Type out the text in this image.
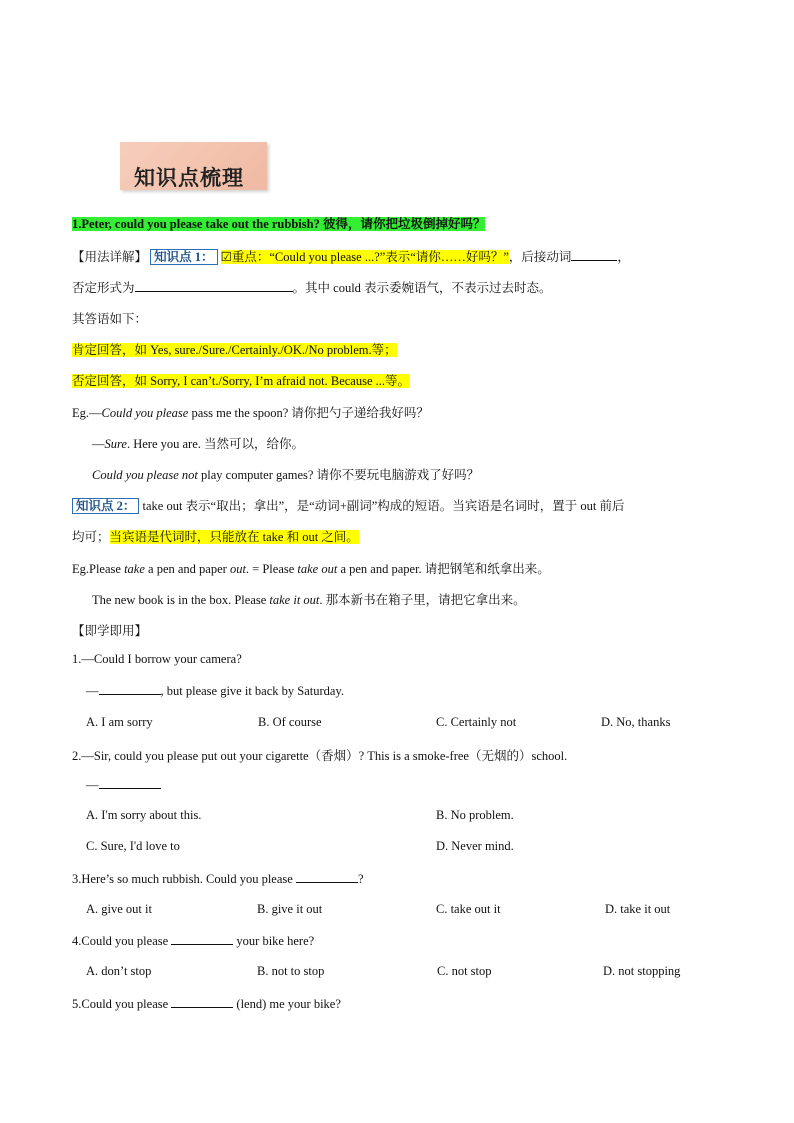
知识点梳理
1.Peter, could you please take out the rubbish? 彼得，请你把垃圾倒掉好吗？
【用法详解】 知识点 1： ☑重点：“Could you please ...?”表示“请你……好吗？”，后接动词	，
否定形式为	。其中 could 表示委婉语气，不表示过去时态。
其答语如下：
肯定回答，如 Yes, sure./Sure./Certainly./OK./No problem.等；
否定回答，如 Sorry, I can’t./Sorry, I’m afraid not. Because ...等。
Eg.—Could you please pass me the spoon? 请你把勺子递给我好吗？
—Sure. Here you are. 当然可以，给你。
Could you please not play computer games? 请你不要玩电脑游戏了好吗？
知识点 2： take out 表示“取出；拿出”，是“动词+副词”构成的短语。当宾语是名词时，置于 out 前后
均可；当宾语是代词时，只能放在 take 和 out 之间。
Eg.Please take a pen and paper out. = Please take out a pen and paper. 请把钢笔和纸拿出来。
The new book is in the box. Please take it out. 那本新书在箱子里，请把它拿出来。
【即学即用】
1.—Could I borrow your camera?
—	, but please give it back by Saturday.
A. I am sorry	B. Of course	C. Certainly not	D. No, thanks
2.—Sir, could you please put out your cigarette（香烟）? This is a smoke-free（无烟的）school.
—
A. I'm sorry about this.	B. No problem.
C. Sure, I'd love to	D. Never mind.
3.Here’s so much rubbish. Could you please	?
A. give out it	B. give it out	C. take out it	D. take it out
4.Could you please	your bike here?
A. don’t stop	B. not to stop	C. not stop	D. not stopping
5.Could you please	(lend) me your bike?
